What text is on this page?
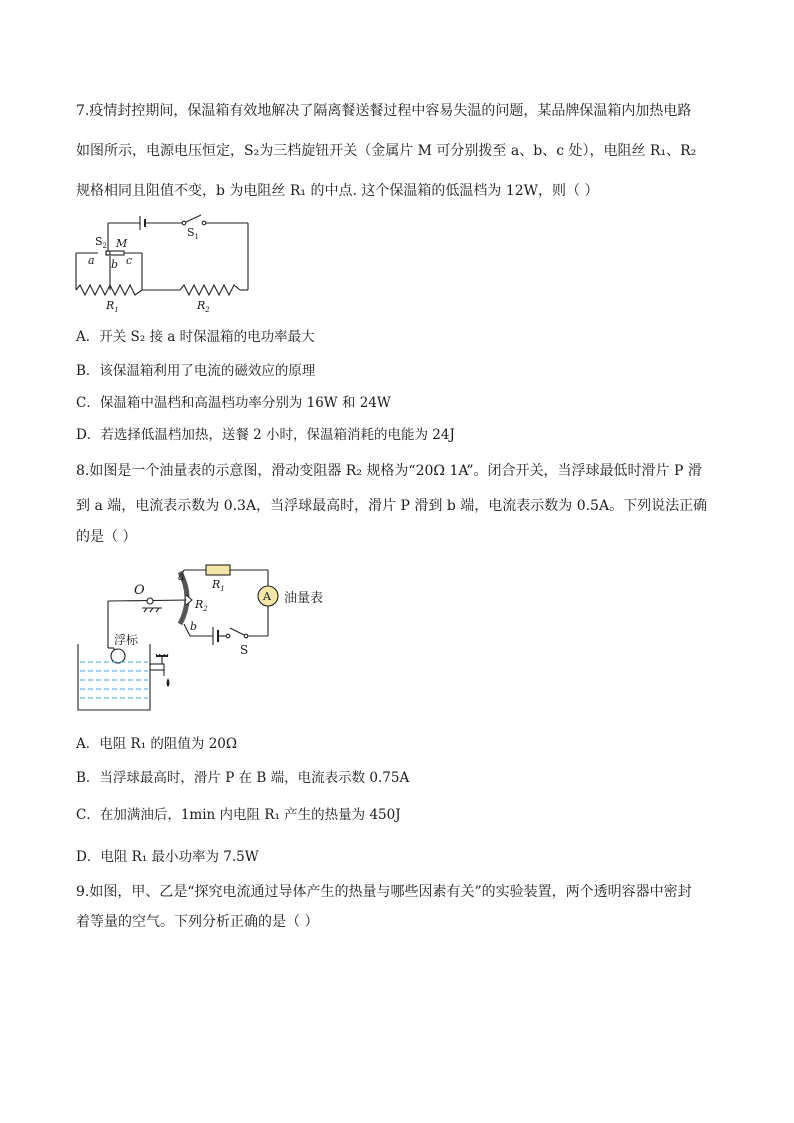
7.疫情封控期间，保温箱有效地解决了隔离餐送餐过程中容易失温的问题，某品牌保温箱内加热电路
如图所示，电源电压恒定，S₂为三档旋钮开关（金属片 M 可分别拨至 a、b、c 处），电阻丝 R₁、R₂
规格相同且阻值不变，b 为电阻丝 R₁ 的中点. 这个保温箱的低温档为 12W，则（ ）
$S_2$ M
a b c
$S_1$
$R_1$	$R_2$
A．开关 S₂ 接 a 时保温箱的电功率最大
B．该保温箱利用了电流的磁效应的原理
C．保温箱中温档和高温档功率分别为 16W 和 24W
D．若选择低温档加热，送餐 2 小时，保温箱消耗的电能为 24J
8.如图是一个油量表的示意图，滑动变阻器 R₂ 规格为“20Ω 1A”。闭合开关，当浮球最低时滑片 P 滑
到 a 端，电流表示数为 0.3A，当浮球最高时，滑片 P 滑到 b 端，电流表示数为 0.5A。下列说法正确
的是（ ）
O
a
b
$R_1$
$R_2$
A 油量表
浮标
S
A．电阻 R₁ 的阻值为 20Ω
B．当浮球最高时，滑片 P 在 B 端，电流表示数 0.75A
C．在加满油后，1min 内电阻 R₁ 产生的热量为 450J
D．电阻 R₁ 最小功率为 7.5W
9.如图，甲、乙是“探究电流通过导体产生的热量与哪些因素有关”的实验装置，两个透明容器中密封
着等量的空气。下列分析正确的是（ ）
